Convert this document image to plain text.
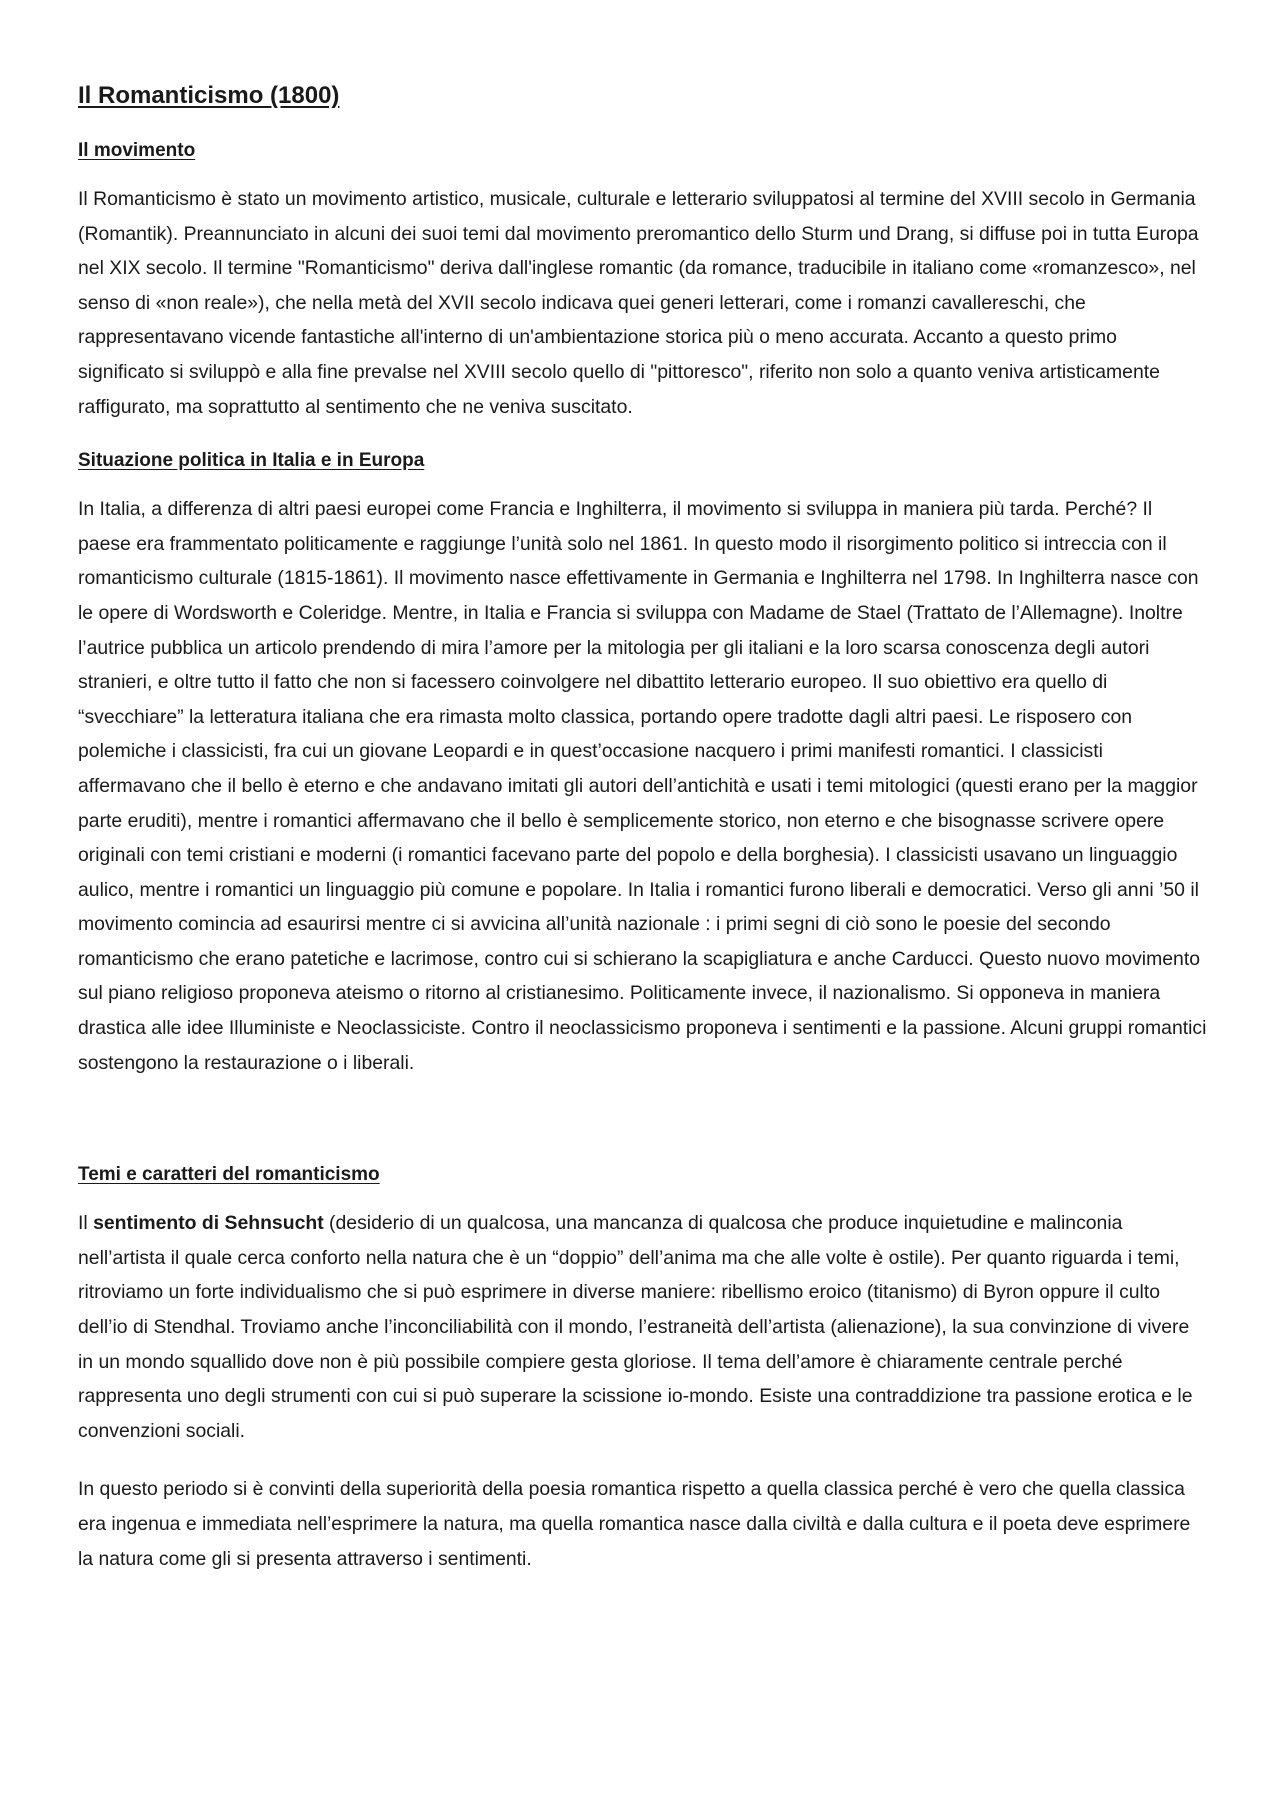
Il Romanticismo (1800)
Il movimento

Il Romanticismo è stato un movimento artistico, musicale, culturale e letterario sviluppatosi al termine del XVIII secolo in Germania (Romantik). Preannunciato in alcuni dei suoi temi dal movimento preromantico dello Sturm und Drang, si diffuse poi in tutta Europa nel XIX secolo. Il termine "Romanticismo" deriva dall'inglese romantic (da romance, traducibile in italiano come «romanzesco», nel senso di «non reale»), che nella metà del XVII secolo indicava quei generi letterari, come i romanzi cavallereschi, che rappresentavano vicende fantastiche all'interno di un'ambientazione storica più o meno accurata. Accanto a questo primo significato si sviluppò e alla fine prevalse nel XVIII secolo quello di "pittoresco", riferito non solo a quanto veniva artisticamente raffigurato, ma soprattutto al sentimento che ne veniva suscitato.

Situazione politica in Italia e in Europa

In Italia, a differenza di altri paesi europei come Francia e Inghilterra, il movimento si sviluppa in maniera più tarda. Perché? Il paese era frammentato politicamente e raggiunge l’unità solo nel 1861. In questo modo il risorgimento politico si intreccia con il romanticismo culturale (1815-1861). Il movimento nasce effettivamente in Germania e Inghilterra nel 1798. In Inghilterra nasce con le opere di Wordsworth e Coleridge. Mentre, in Italia e Francia si sviluppa con Madame de Stael (Trattato de l’Allemagne). Inoltre l’autrice pubblica un articolo prendendo di mira l’amore per la mitologia per gli italiani e la loro scarsa conoscenza degli autori stranieri, e oltre tutto il fatto che non si facessero coinvolgere nel dibattito letterario europeo. Il suo obiettivo era quello di “svecchiare” la letteratura italiana che era rimasta molto classica, portando opere tradotte dagli altri paesi. Le risposero con polemiche i classicisti, fra cui un giovane Leopardi e in quest’occasione nacquero i primi manifesti romantici. I classicisti affermavano che il bello è eterno e che andavano imitati gli autori dell’antichità e usati i temi mitologici (questi erano per la maggior parte eruditi), mentre i romantici affermavano che il bello è semplicemente storico, non eterno e che bisognasse scrivere opere originali con temi cristiani e moderni (i romantici facevano parte del popolo e della borghesia). I classicisti usavano un linguaggio aulico, mentre i romantici un linguaggio più comune e popolare. In Italia i romantici furono liberali e democratici. Verso gli anni ’50 il movimento comincia ad esaurirsi mentre ci si avvicina all’unità nazionale : i primi segni di ciò sono le poesie del secondo romanticismo che erano patetiche e lacrimose, contro cui si schierano la scapigliatura e anche Carducci. Questo nuovo movimento sul piano religioso proponeva ateismo o ritorno al cristianesimo. Politicamente invece, il nazionalismo. Si opponeva in maniera drastica alle idee Illuministe e Neoclassiciste. Contro il neoclassicismo proponeva i sentimenti e la passione. Alcuni gruppi romantici sostengono la restaurazione o i liberali.

Temi e caratteri del romanticismo

Il sentimento di Sehnsucht (desiderio di un qualcosa, una mancanza di qualcosa che produce inquietudine e malinconia nell’artista il quale cerca conforto nella natura che è un “doppio” dell’anima ma che alle volte è ostile). Per quanto riguarda i temi, ritroviamo un forte individualismo che si può esprimere in diverse maniere: ribellismo eroico (titanismo) di Byron oppure il culto dell’io di Stendhal. Troviamo anche l’inconciliabilità con il mondo, l’estraneità dell’artista (alienazione), la sua convinzione di vivere in un mondo squallido dove non è più possibile compiere gesta gloriose. Il tema dell’amore è chiaramente centrale perché rappresenta uno degli strumenti con cui si può superare la scissione io-mondo. Esiste una contraddizione tra passione erotica e le convenzioni sociali.

In questo periodo si è convinti della superiorità della poesia romantica rispetto a quella classica perché è vero che quella classica era ingenua e immediata nell’esprimere la natura, ma quella romantica nasce dalla civiltà e dalla cultura e il poeta deve esprimere la natura come gli si presenta attraverso i sentimenti.
